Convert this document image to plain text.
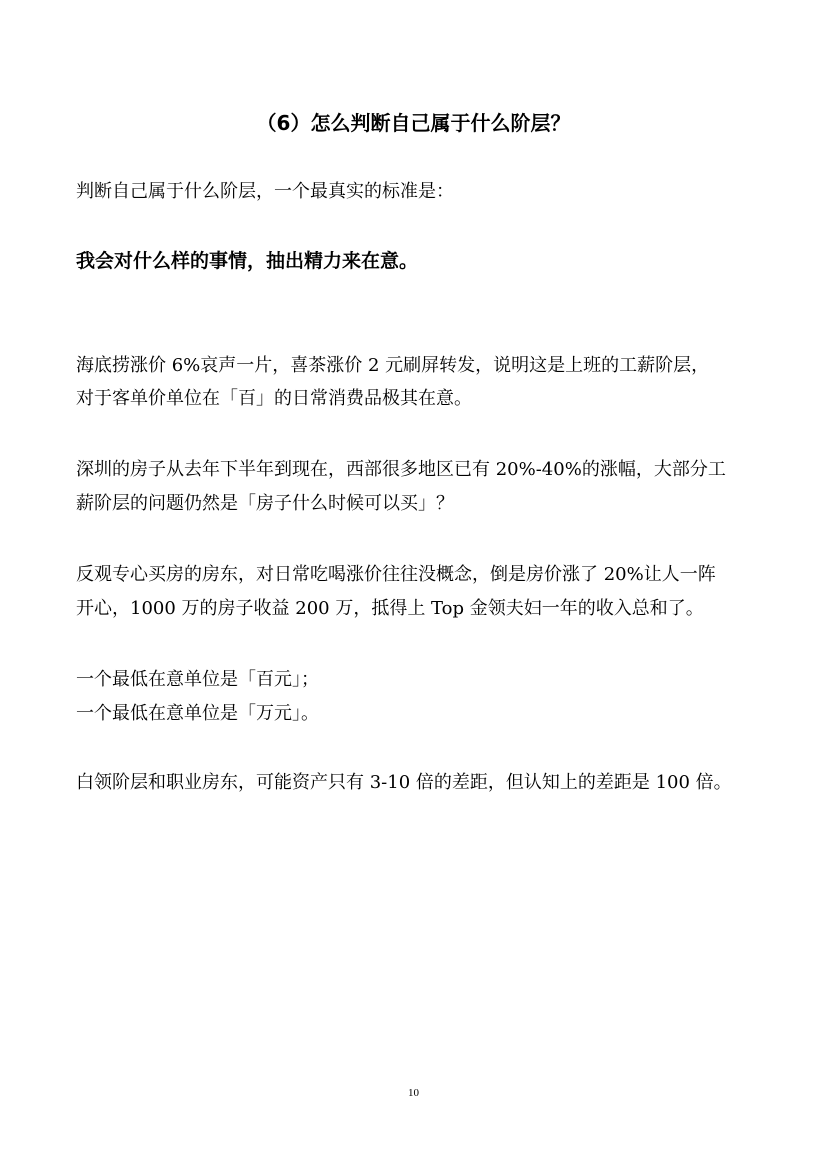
（6）怎么判断自己属于什么阶层？
判断自己属于什么阶层，一个最真实的标准是：
我会对什么样的事情，抽出精力来在意。
海底捞涨价 6%哀声一片，喜茶涨价 2 元刷屏转发，说明这是上班的工薪阶层，
对于客单价单位在「百」的日常消费品极其在意。
深圳的房子从去年下半年到现在，西部很多地区已有 20%-40%的涨幅，大部分工
薪阶层的问题仍然是「房子什么时候可以买」？
反观专心买房的房东，对日常吃喝涨价往往没概念，倒是房价涨了 20%让人一阵
开心，1000 万的房子收益 200 万，抵得上 Top 金领夫妇一年的收入总和了。
一个最低在意单位是「百元」；
一个最低在意单位是「万元」。
白领阶层和职业房东，可能资产只有 3-10 倍的差距，但认知上的差距是 100 倍。
10
